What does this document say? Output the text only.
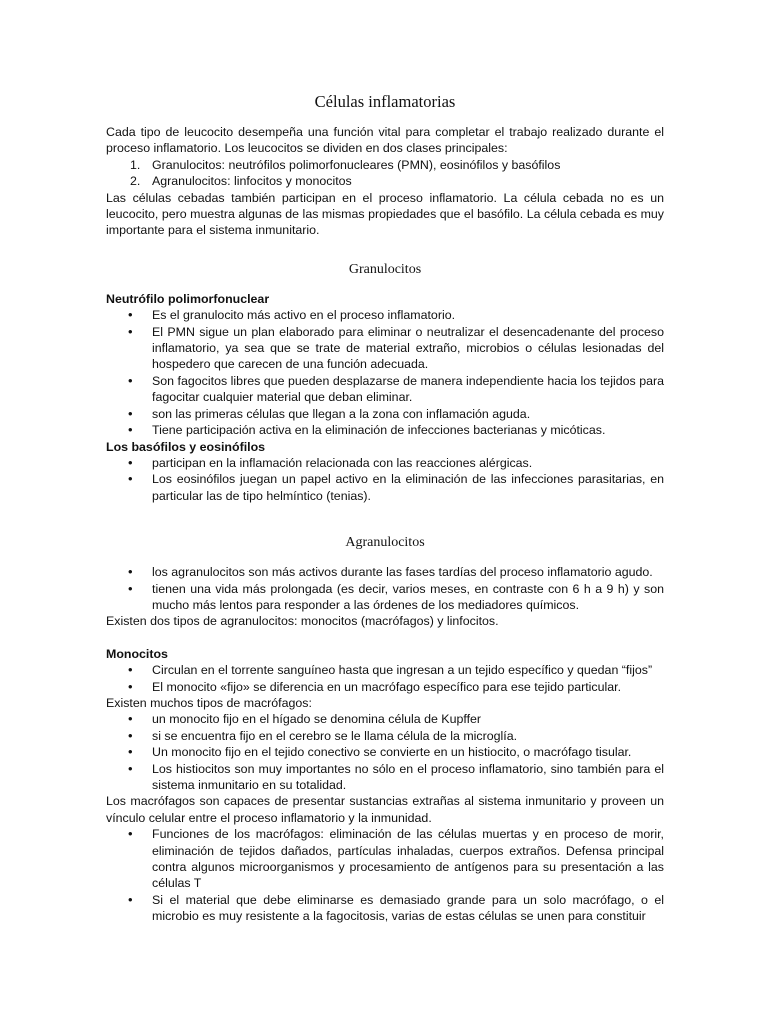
Células inflamatorias

Cada tipo de leucocito desempeña una función vital para completar el trabajo realizado durante el proceso inflamatorio. Los leucocitos se dividen en dos clases principales:

1. Granulocitos: neutrófilos polimorfonucleares (PMN), eosinófilos y basófilos
2. Agranulocitos: linfocitos y monocitos

Las células cebadas también participan en el proceso inflamatorio. La célula cebada no es un leucocito, pero muestra algunas de las mismas propiedades que el basófilo. La célula cebada es muy importante para el sistema inmunitario.

Granulocitos
Neutrófilo polimorfonuclear
• Es el granulocito más activo en el proceso inflamatorio.
• El PMN sigue un plan elaborado para eliminar o neutralizar el desencadenante del proceso inflamatorio, ya sea que se trate de material extraño, microbios o células lesionadas del hospedero que carecen de una función adecuada.
• Son fagocitos libres que pueden desplazarse de manera independiente hacia los tejidos para fagocitar cualquier material que deban eliminar.
• son las primeras células que llegan a la zona con inflamación aguda.
• Tiene participación activa en la eliminación de infecciones bacterianas y micóticas.
Los basófilos y eosinófilos
• participan en la inflamación relacionada con las reacciones alérgicas.
• Los eosinófilos juegan un papel activo en la eliminación de las infecciones parasitarias, en particular las de tipo helmíntico (tenias).
Agranulocitos
• los agranulocitos son más activos durante las fases tardías del proceso inflamatorio agudo.
• tienen una vida más prolongada (es decir, varios meses, en contraste con 6 h a 9 h) y son mucho más lentos para responder a las órdenes de los mediadores químicos.

Existen dos tipos de agranulocitos: monocitos (macrófagos) y linfocitos.

Monocitos
• Circulan en el torrente sanguíneo hasta que ingresan a un tejido específico y quedan “fijos”
• El monocito «fijo» se diferencia en un macrófago específico para ese tejido particular.

Existen muchos tipos de macrófagos:

• un monocito fijo en el hígado se denomina célula de Kupffer
• si se encuentra fijo en el cerebro se le llama célula de la microglía.
• Un monocito fijo en el tejido conectivo se convierte en un histiocito, o macrófago tisular.
• Los histiocitos son muy importantes no sólo en el proceso inflamatorio, sino también para el sistema inmunitario en su totalidad.

Los macrófagos son capaces de presentar sustancias extrañas al sistema inmunitario y proveen un vínculo celular entre el proceso inflamatorio y la inmunidad.

• Funciones de los macrófagos: eliminación de las células muertas y en proceso de morir, eliminación de tejidos dañados, partículas inhaladas, cuerpos extraños. Defensa principal contra algunos microorganismos y procesamiento de antígenos para su presentación a las células T
• Si el material que debe eliminarse es demasiado grande para un solo macrófago, o el microbio es muy resistente a la fagocitosis, varias de estas células se unen para constituir
